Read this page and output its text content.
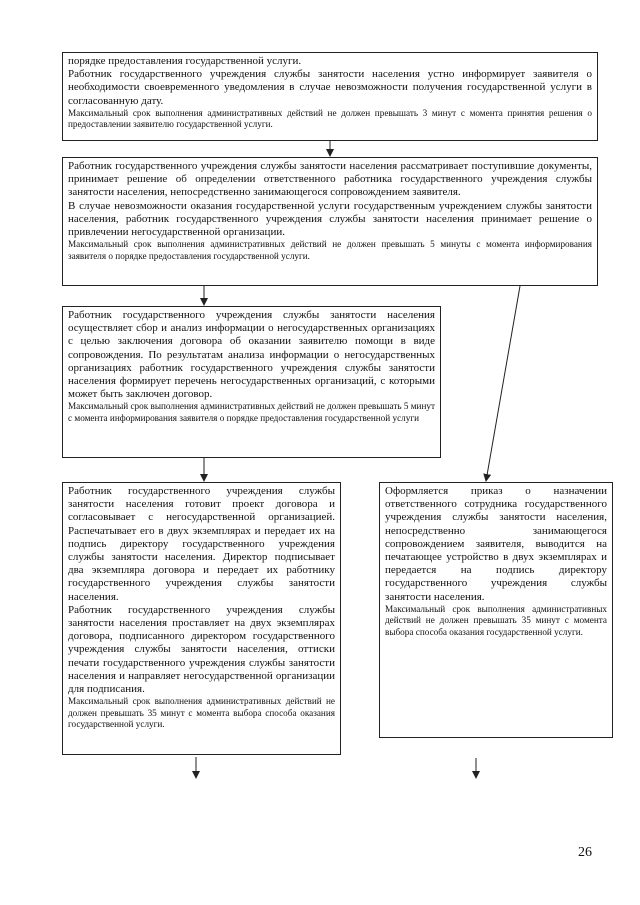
порядке предоставления государственной услуги.

Работник государственного учреждения службы занятости населения устно информирует заявителя о необходимости своевременного уведомления в случае невозможности получения государственной услуги в согласованную дату.

Максимальный срок выполнения административных действий не должен превышать 3 минут с момента принятия решения о предоставлении заявителю государственной услуги.

Работник государственного учреждения службы занятости населения рассматривает поступившие документы, принимает решение об определении ответственного работника государственного учреждения службы занятости населения, непосредственно занимающегося сопровождением заявителя.

В случае невозможности оказания государственной услуги государственным учреждением службы занятости населения, работник государственного учреждения службы занятости населения принимает решение о привлечении негосударственной организации.

Максимальный срок выполнения административных действий не должен превышать 5 минуты с момента информирования заявителя о порядке предоставления государственной услуги.

Работник государственного учреждения службы занятости населения осуществляет сбор и анализ информации о негосударственных организациях с целью заключения договора об оказании заявителю помощи в виде сопровождения. По результатам анализа информации о негосударственных организациях работник государственного учреждения службы занятости населения формирует перечень негосударственных организаций, с которыми может быть заключен договор.

Максимальный срок выполнения административных действий не должен превышать 5 минут с момента информирования заявителя о порядке предоставления государственной услуги

Работник государственного учреждения службы занятости населения готовит проект договора и согласовывает с негосударственной организацией. Распечатывает его в двух экземплярах и передает их на подпись директору государственного учреждения службы занятости населения. Директор подписывает два экземпляра договора и передает их работнику государственного учреждения службы занятости населения.

Работник государственного учреждения службы занятости населения проставляет на двух экземплярах договора, подписанного директором государственного учреждения службы занятости населения, оттиски печати государственного учреждения службы занятости населения и направляет негосударственной организации для подписания.

Максимальный срок выполнения административных действий не должен превышать 35 минут с момента выбора способа оказания государственной услуги.

Оформляется приказ о назначении ответственного сотрудника государственного учреждения службы занятости населения, непосредственно занимающегося сопровождением заявителя, выводится на печатающее устройство в двух экземплярах и передается на подпись директору государственного учреждения службы занятости населения.

Максимальный срок выполнения административных действий не должен превышать 35 минут с момента выбора способа оказания государственной услуги.

26
